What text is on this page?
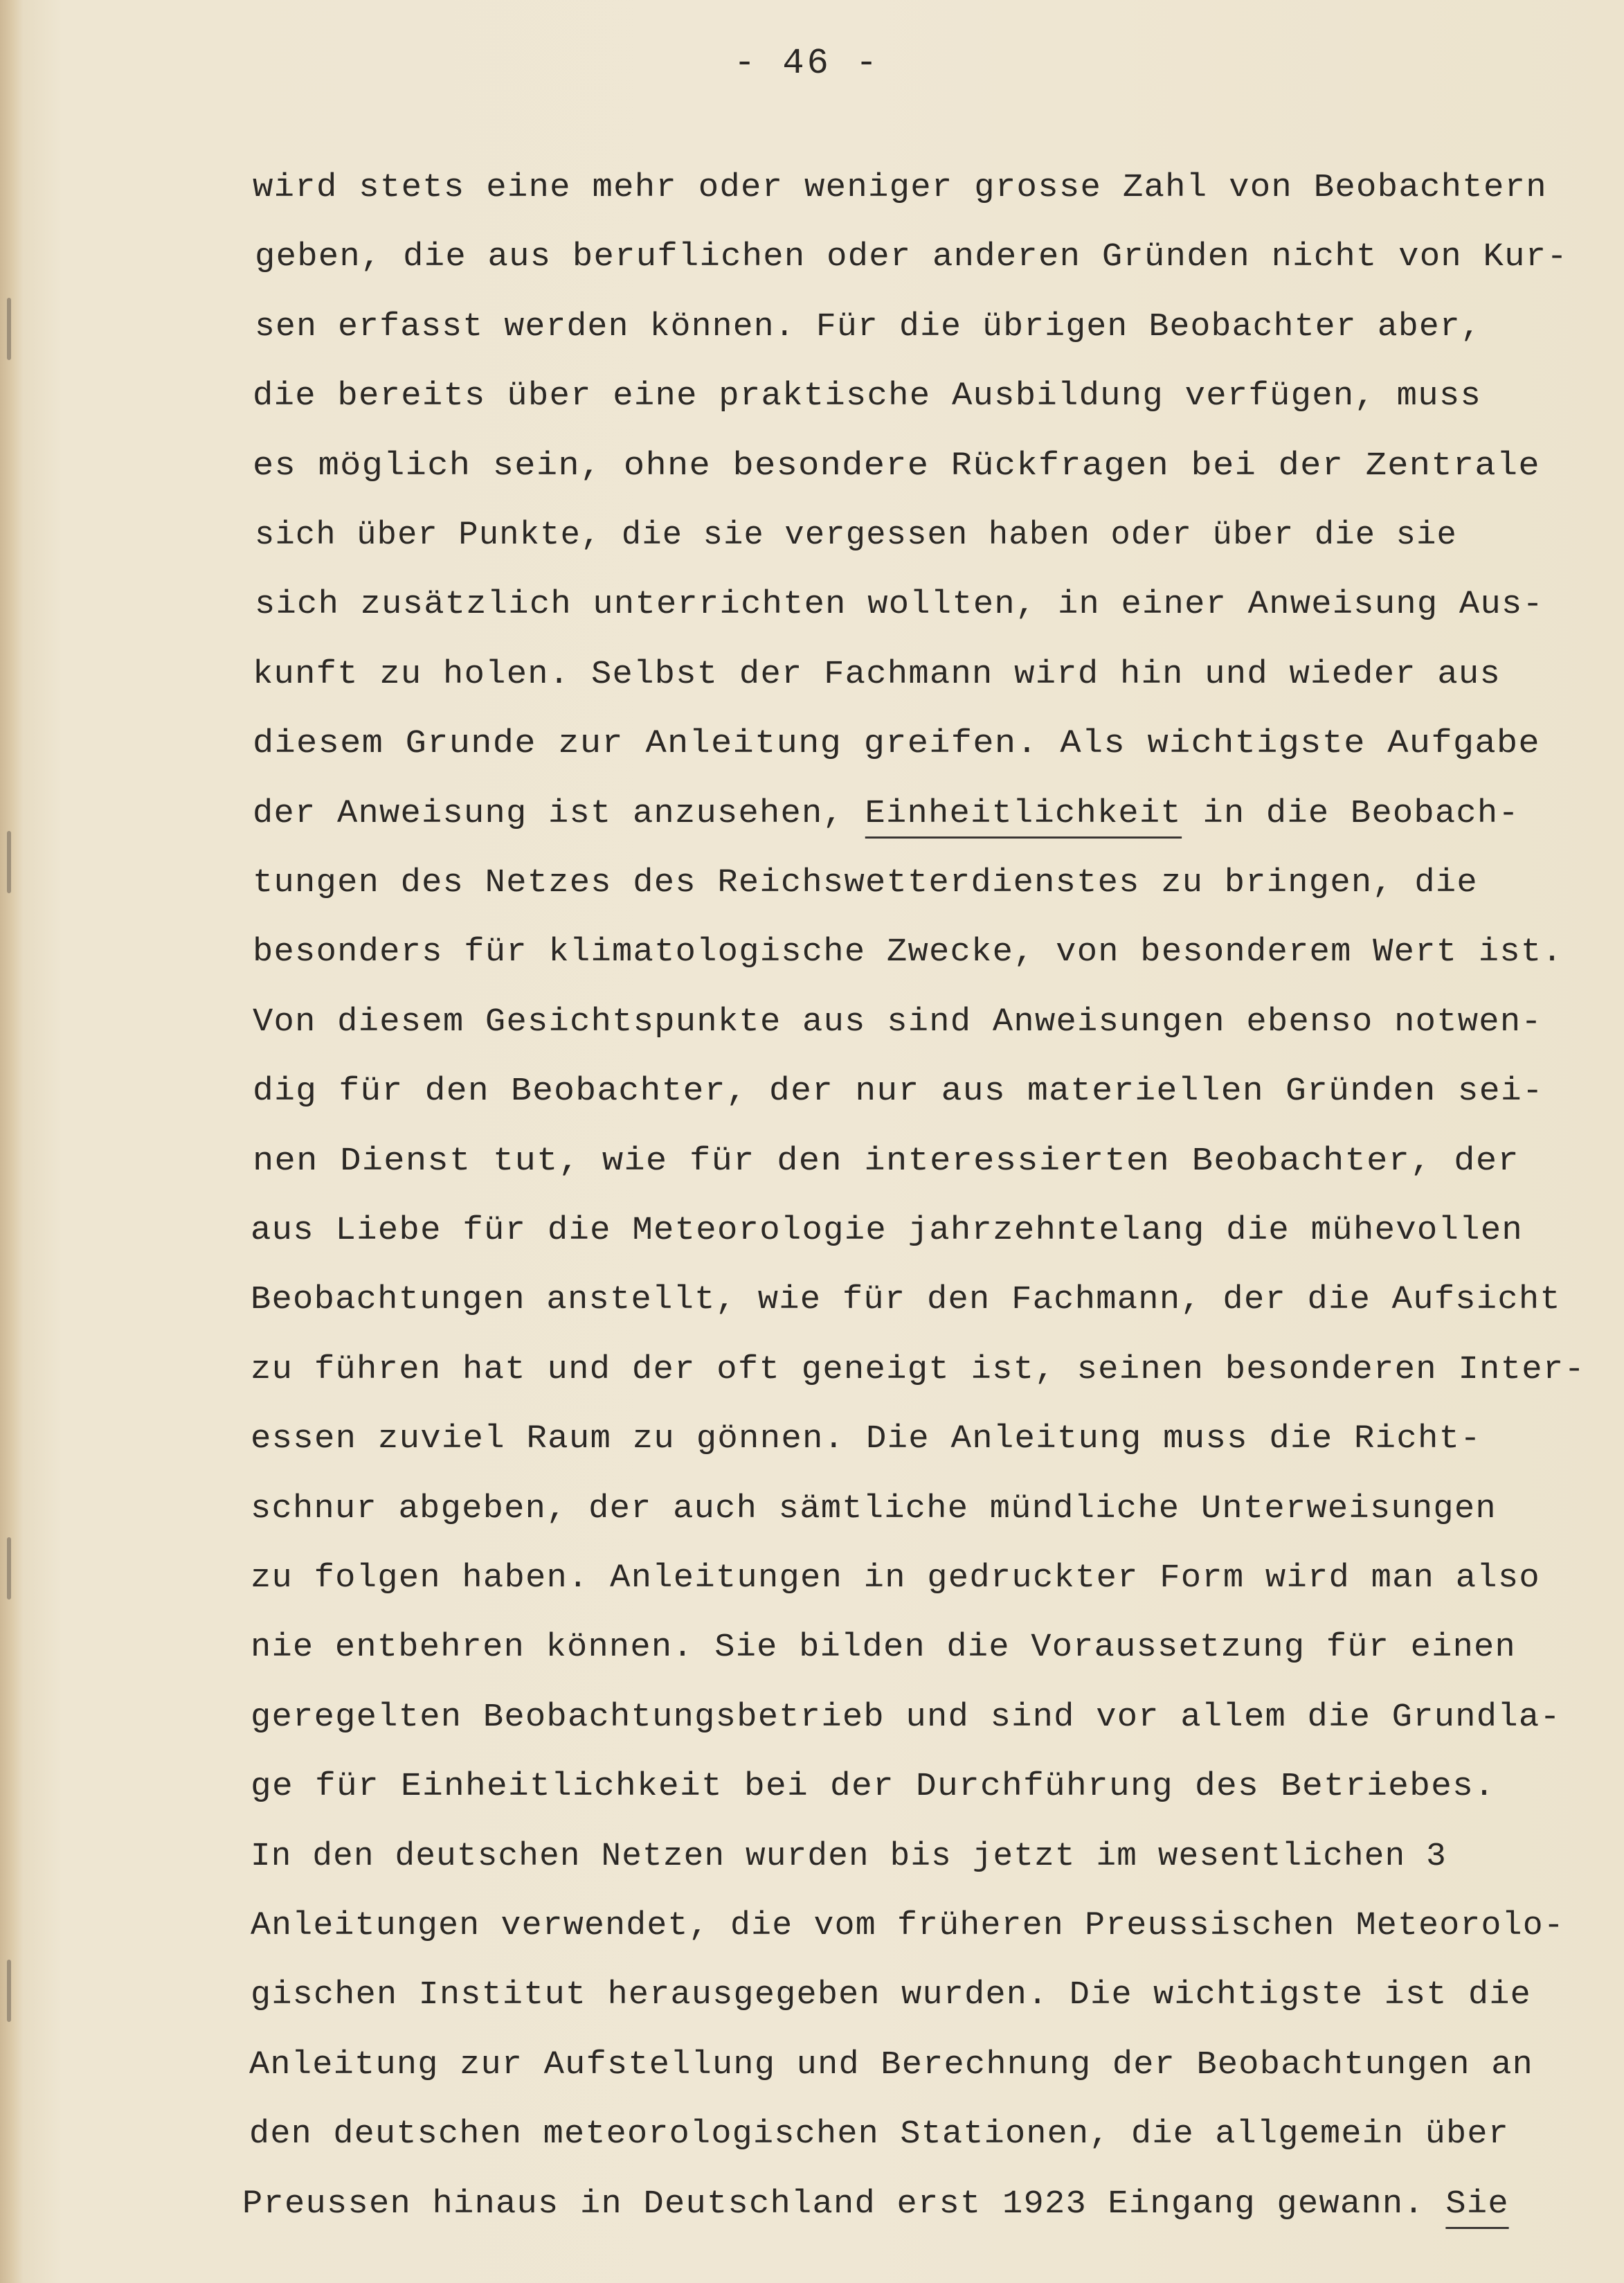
- 46 -
wird stets eine mehr oder weniger grosse Zahl von Beobachtern
geben, die aus beruflichen oder anderen Gründen nicht von Kur-
sen erfasst werden können. Für die übrigen Beobachter aber,
die bereits über eine praktische Ausbildung verfügen, muss
es möglich sein, ohne besondere Rückfragen bei der Zentrale
sich über Punkte, die sie vergessen haben oder über die sie
sich zusätzlich unterrichten wollten, in einer Anweisung Aus-
kunft zu holen. Selbst der Fachmann wird hin und wieder aus
diesem Grunde zur Anleitung greifen. Als wichtigste Aufgabe
der Anweisung ist anzusehen, Einheitlichkeit in die Beobach-
tungen des Netzes des Reichswetterdienstes zu bringen, die
besonders für klimatologische Zwecke, von besonderem Wert ist.
Von diesem Gesichtspunkte aus sind Anweisungen ebenso notwen-
dig für den Beobachter, der nur aus materiellen Gründen sei-
nen Dienst tut, wie für den interessierten Beobachter, der
aus Liebe für die Meteorologie jahrzehntelang die mühevollen
Beobachtungen anstellt, wie für den Fachmann, der die Aufsicht
zu führen hat und der oft geneigt ist, seinen besonderen Inter-
essen zuviel Raum zu gönnen. Die Anleitung muss die Richt-
schnur abgeben, der auch sämtliche mündliche Unterweisungen
zu folgen haben. Anleitungen in gedruckter Form wird man also
nie entbehren können. Sie bilden die Voraussetzung für einen
geregelten Beobachtungsbetrieb und sind vor allem die Grundla-
ge für Einheitlichkeit bei der Durchführung des Betriebes.
In den deutschen Netzen wurden bis jetzt im wesentlichen 3
Anleitungen verwendet, die vom früheren Preussischen Meteorolo-
gischen Institut herausgegeben wurden. Die wichtigste ist die
Anleitung zur Aufstellung und Berechnung der Beobachtungen an
den deutschen meteorologischen Stationen, die allgemein über
Preussen hinaus in Deutschland erst 1923 Eingang gewann. Sie
